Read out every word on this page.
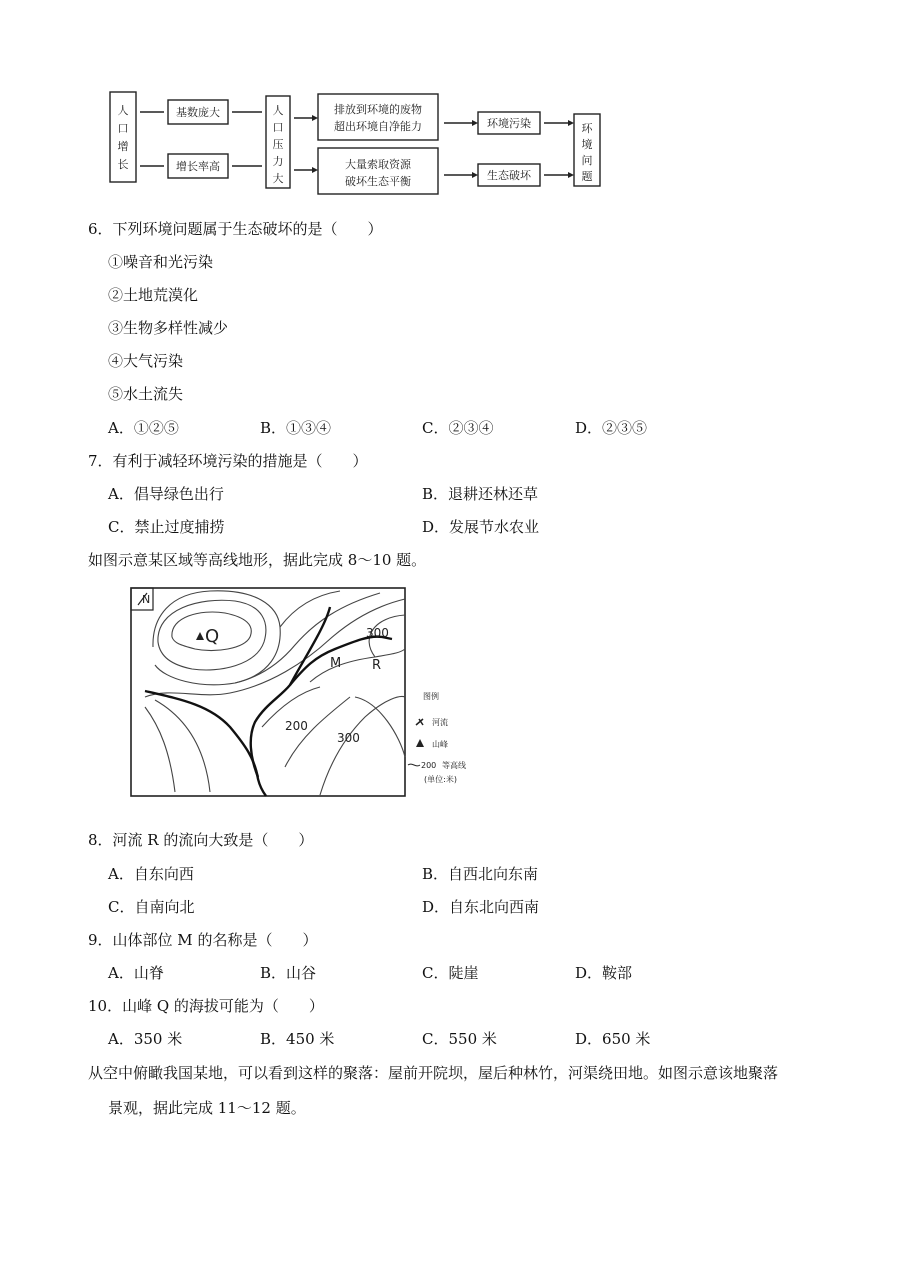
人
口
增
长
基数庞大
增长率高
人
口
压
力
大
排放到环境的废物
超出环境自净能力
大量索取资源
破坏生态平衡
环境污染
生态破坏
环
境
问
题
6．下列环境问题属于生态破坏的是（　　）
①噪音和光污染
②土地荒漠化
③生物多样性减少
④大气污染
⑤水土流失
A．①②⑤	B．①③④	C．②③④	D．②③⑤
7．有利于减轻环境污染的措施是（　　）
A．倡导绿色出行	B．退耕还林还草
C．禁止过度捕捞	D．发展节水农业
如图示意某区域等高线地形，据此完成 8～10 题。
N
Q
M R
300
200
300
图例
河流
山峰
200 等高线
(单位:米)
8．河流 R 的流向大致是（　　）
A．自东向西	B．自西北向东南
C．自南向北	D．自东北向西南
9．山体部位 M 的名称是（　　）
A．山脊	B．山谷	C．陡崖	D．鞍部
10．山峰 Q 的海拔可能为（　　）
A．350 米	B．450 米	C．550 米	D．650 米
从空中俯瞰我国某地，可以看到这样的聚落：屋前开院坝，屋后种林竹，河渠绕田地。如图示意该地聚落
景观，据此完成 11～12 题。
